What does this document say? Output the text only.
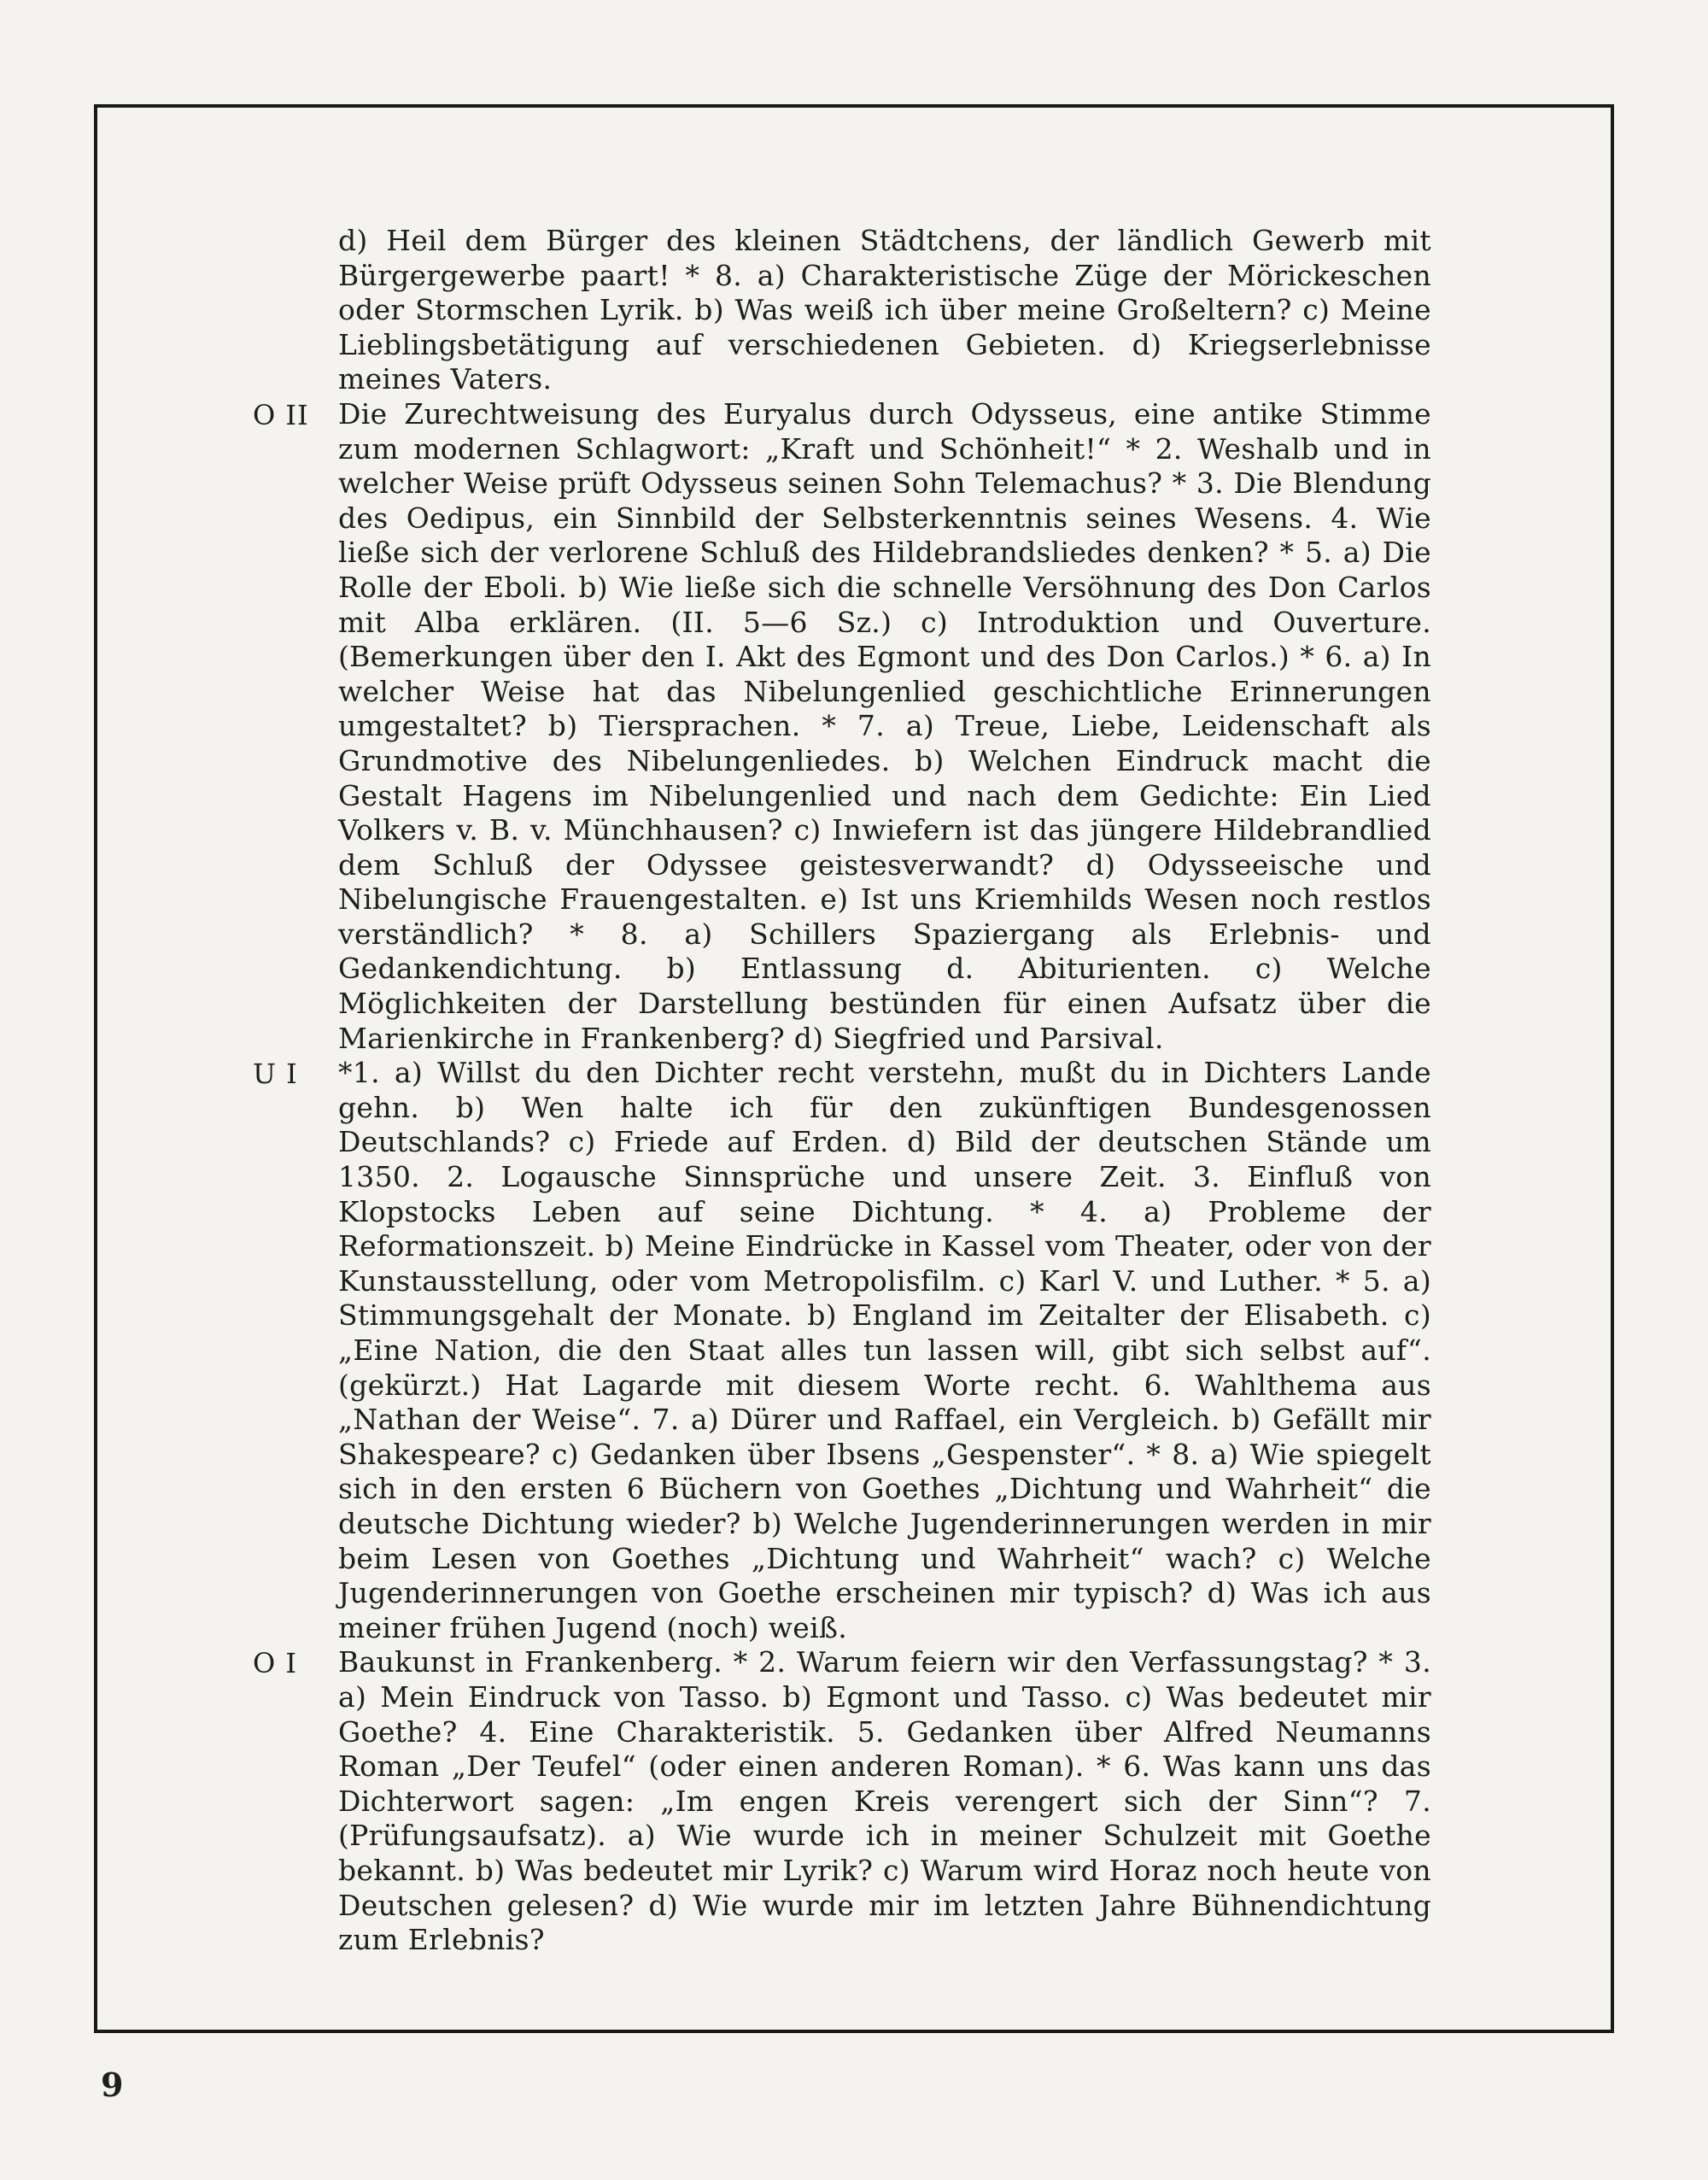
d) Heil dem Bürger des kleinen Städtchens, der ländlich Gewerb mit Bürgergewerbe paart! * 8. a) Charakteristische Züge der Mörickeschen oder Stormschen Lyrik. b) Was weiß ich über meine Großeltern? c) Meine Lieblingsbetätigung auf verschiedenen Gebieten. d) Kriegserlebnisse meines Vaters.
O II Die Zurechtweisung des Euryalus durch Odysseus, eine antike Stimme zum modernen Schlagwort: „Kraft und Schönheit!“ * 2. Weshalb und in welcher Weise prüft Odysseus seinen Sohn Telemachus? * 3. Die Blendung des Oedipus, ein Sinnbild der Selbsterkenntnis seines Wesens. 4. Wie ließe sich der verlorene Schluß des Hildebrandsliedes denken? * 5. a) Die Rolle der Eboli. b) Wie ließe sich die schnelle Versöhnung des Don Carlos mit Alba erklären. (II. 5—6 Sz.) c) Introduktion und Ouverture. (Bemerkungen über den I. Akt des Egmont und des Don Carlos.) * 6. a) In welcher Weise hat das Nibelungenlied geschichtliche Erinnerungen umgestaltet? b) Tiersprachen. * 7. a) Treue, Liebe, Leidenschaft als Grundmotive des Nibelungenliedes. b) Welchen Eindruck macht die Gestalt Hagens im Nibelungenlied und nach dem Gedichte: Ein Lied Volkers v. B. v. Münchhausen? c) Inwiefern ist das jüngere Hildebrandlied dem Schluß der Odyssee geistesverwandt? d) Odysseeische und Nibelungische Frauengestalten. e) Ist uns Kriemhilds Wesen noch restlos verständlich? * 8. a) Schillers Spaziergang als Erlebnis- und Gedankendichtung. b) Entlassung d. Abiturienten. c) Welche Möglichkeiten der Darstellung bestünden für einen Aufsatz über die Marienkirche in Frankenberg? d) Siegfried und Parsival.
U I *1. a) Willst du den Dichter recht verstehn, mußt du in Dichters Lande gehn. b) Wen halte ich für den zukünftigen Bundesgenossen Deutschlands? c) Friede auf Erden. d) Bild der deutschen Stände um 1350. 2. Logausche Sinnsprüche und unsere Zeit. 3. Einfluß von Klopstocks Leben auf seine Dichtung. * 4. a) Probleme der Reformationszeit. b) Meine Eindrücke in Kassel vom Theater, oder von der Kunstausstellung, oder vom Metropolisfilm. c) Karl V. und Luther. * 5. a) Stimmungsgehalt der Monate. b) England im Zeitalter der Elisabeth. c) „Eine Nation, die den Staat alles tun lassen will, gibt sich selbst auf“. (gekürzt.) Hat Lagarde mit diesem Worte recht. 6. Wahlthema aus „Nathan der Weise“. 7. a) Dürer und Raffael, ein Vergleich. b) Gefällt mir Shakespeare? c) Gedanken über Ibsens „Gespenster“. * 8. a) Wie spiegelt sich in den ersten 6 Büchern von Goethes „Dichtung und Wahrheit“ die deutsche Dichtung wieder? b) Welche Jugenderinnerungen werden in mir beim Lesen von Goethes „Dichtung und Wahrheit“ wach? c) Welche Jugenderinnerungen von Goethe erscheinen mir typisch? d) Was ich aus meiner frühen Jugend (noch) weiß.
O I Baukunst in Frankenberg. * 2. Warum feiern wir den Verfassungstag? * 3. a) Mein Eindruck von Tasso. b) Egmont und Tasso. c) Was bedeutet mir Goethe? 4. Eine Charakteristik. 5. Gedanken über Alfred Neumanns Roman „Der Teufel“ (oder einen anderen Roman). * 6. Was kann uns das Dichterwort sagen: „Im engen Kreis verengert sich der Sinn“? 7. (Prüfungsaufsatz). a) Wie wurde ich in meiner Schulzeit mit Goethe bekannt. b) Was bedeutet mir Lyrik? c) Warum wird Horaz noch heute von Deutschen gelesen? d) Wie wurde mir im letzten Jahre Bühnendichtung zum Erlebnis?
9
